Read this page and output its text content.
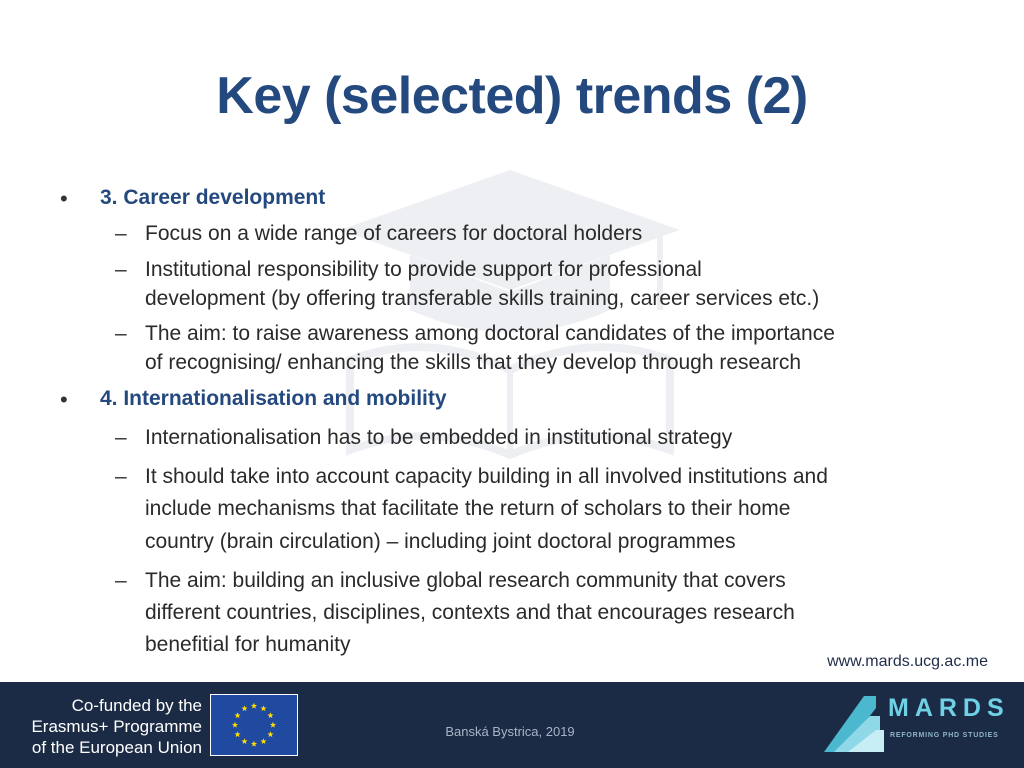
Key (selected) trends (2)
• 3. Career development
– Focus on a wide range of careers for doctoral holders
– Institutional responsibility to provide support for professional
development (by offering transferable skills training, career services etc.)
– The aim: to raise awareness among doctoral candidates of the importance
of recognising/ enhancing the skills that they develop through research
• 4. Internationalisation and mobility
– Internationalisation has to be embedded in institutional strategy
– It should take into account capacity building in all involved institutions and
include mechanisms that facilitate the return of scholars to their home
country (brain circulation) – including joint doctoral programmes
– The aim: building an inclusive global research community that covers
different countries, disciplines, contexts and that encourages research
benefitial for humanity
www.mards.ucg.ac.me
Co-funded by the
Erasmus+ Programme
of the European Union
Banská Bystrica, 2019
MARDS
REFORMING PHD STUDIES
